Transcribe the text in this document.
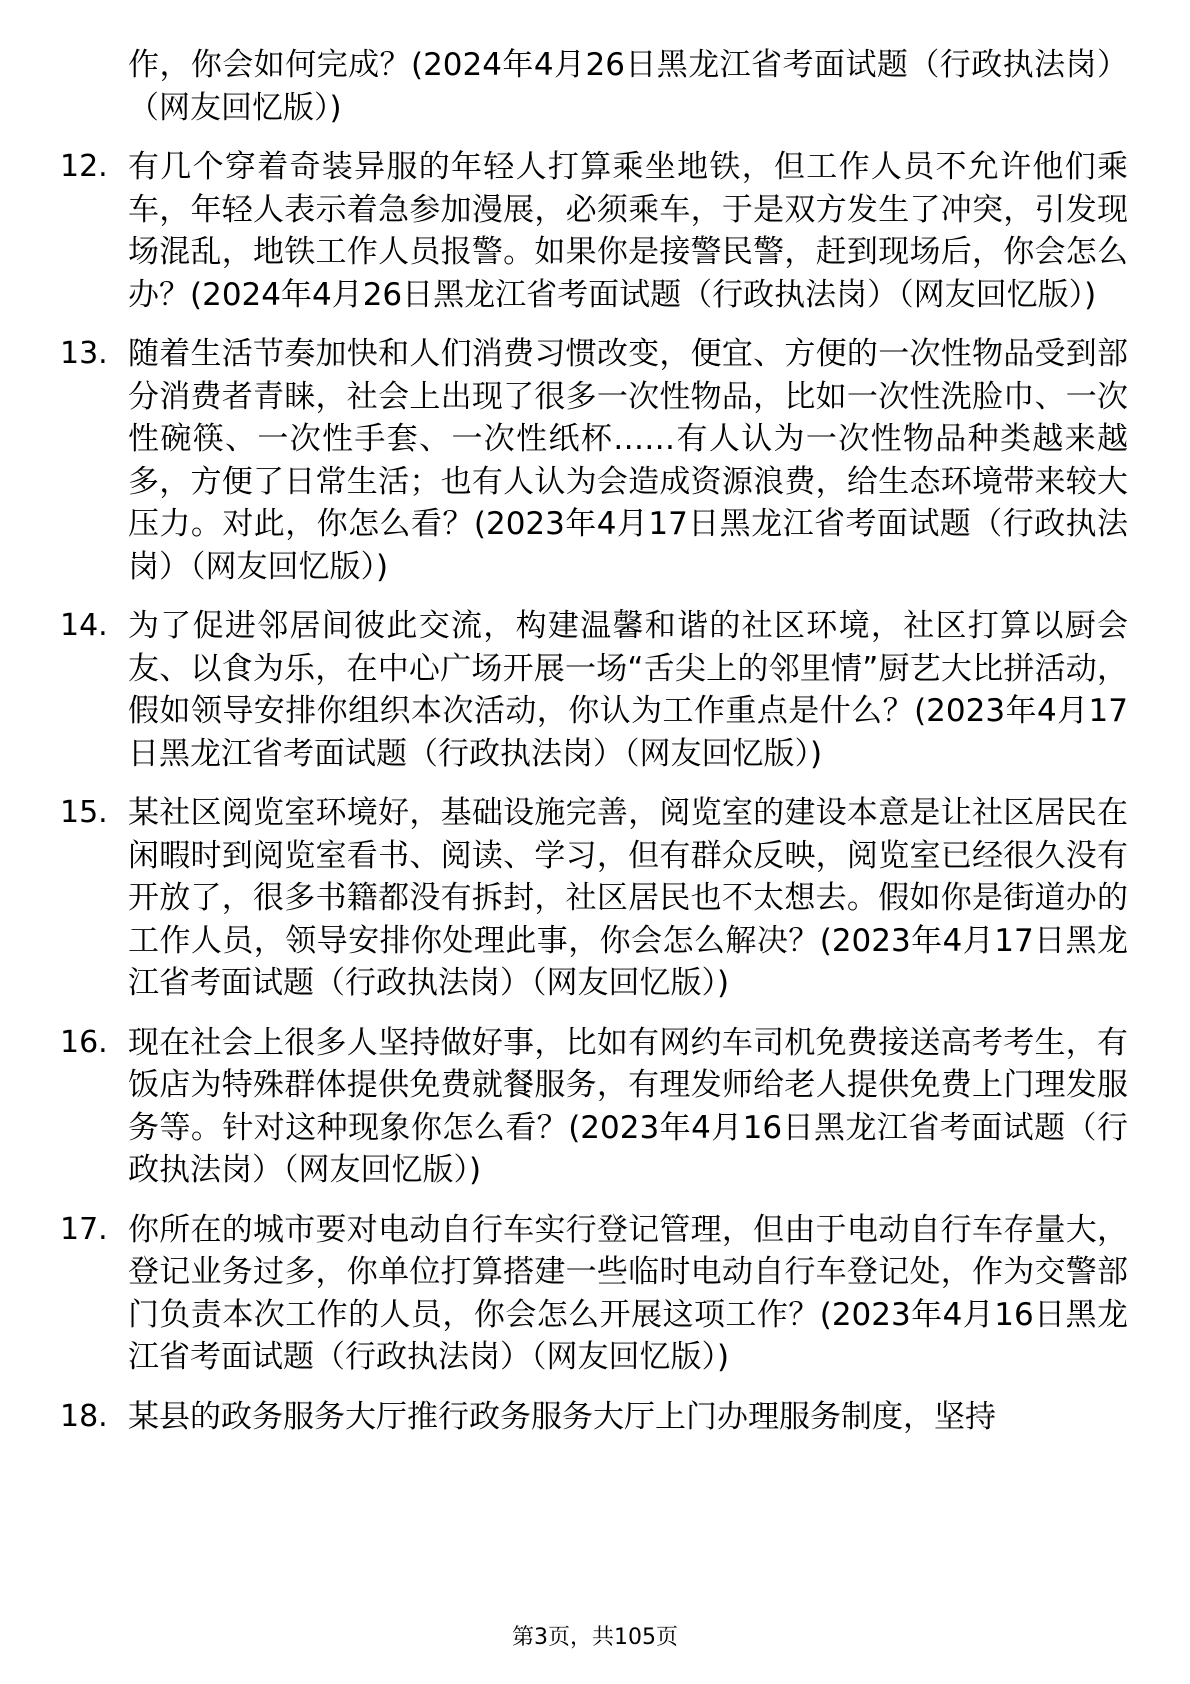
作，你会如何完成？(2024年4月26日黑龙江省考面试题（行政执法岗）（网友回忆版）)
12. 有几个穿着奇装异服的年轻人打算乘坐地铁，但工作人员不允许他们乘车，年轻人表示着急参加漫展，必须乘车，于是双方发生了冲突，引发现场混乱，地铁工作人员报警。如果你是接警民警，赶到现场后，你会怎么办？(2024年4月26日黑龙江省考面试题（行政执法岗）（网友回忆版）)
13. 随着生活节奏加快和人们消费习惯改变，便宜、方便的一次性物品受到部分消费者青睐，社会上出现了很多一次性物品，比如一次性洗脸巾、一次性碗筷、一次性手套、一次性纸杯……有人认为一次性物品种类越来越多，方便了日常生活；也有人认为会造成资源浪费，给生态环境带来较大压力。对此，你怎么看？(2023年4月17日黑龙江省考面试题（行政执法岗）（网友回忆版）)
14. 为了促进邻居间彼此交流，构建温馨和谐的社区环境，社区打算以厨会友、以食为乐，在中心广场开展一场“舌尖上的邻里情”厨艺大比拼活动，假如领导安排你组织本次活动，你认为工作重点是什么？(2023年4月17日黑龙江省考面试题（行政执法岗）（网友回忆版）)
15. 某社区阅览室环境好，基础设施完善，阅览室的建设本意是让社区居民在闲暇时到阅览室看书、阅读、学习，但有群众反映，阅览室已经很久没有开放了，很多书籍都没有拆封，社区居民也不太想去。假如你是街道办的工作人员，领导安排你处理此事，你会怎么解决？(2023年4月17日黑龙江省考面试题（行政执法岗）（网友回忆版）)
16. 现在社会上很多人坚持做好事，比如有网约车司机免费接送高考考生，有饭店为特殊群体提供免费就餐服务，有理发师给老人提供免费上门理发服务等。针对这种现象你怎么看？(2023年4月16日黑龙江省考面试题（行政执法岗）（网友回忆版）)
17. 你所在的城市要对电动自行车实行登记管理，但由于电动自行车存量大，登记业务过多，你单位打算搭建一些临时电动自行车登记处，作为交警部门负责本次工作的人员，你会怎么开展这项工作？(2023年4月16日黑龙江省考面试题（行政执法岗）（网友回忆版）)
18. 某县的政务服务大厅推行政务服务大厅上门办理服务制度，坚持
第3页，共105页
